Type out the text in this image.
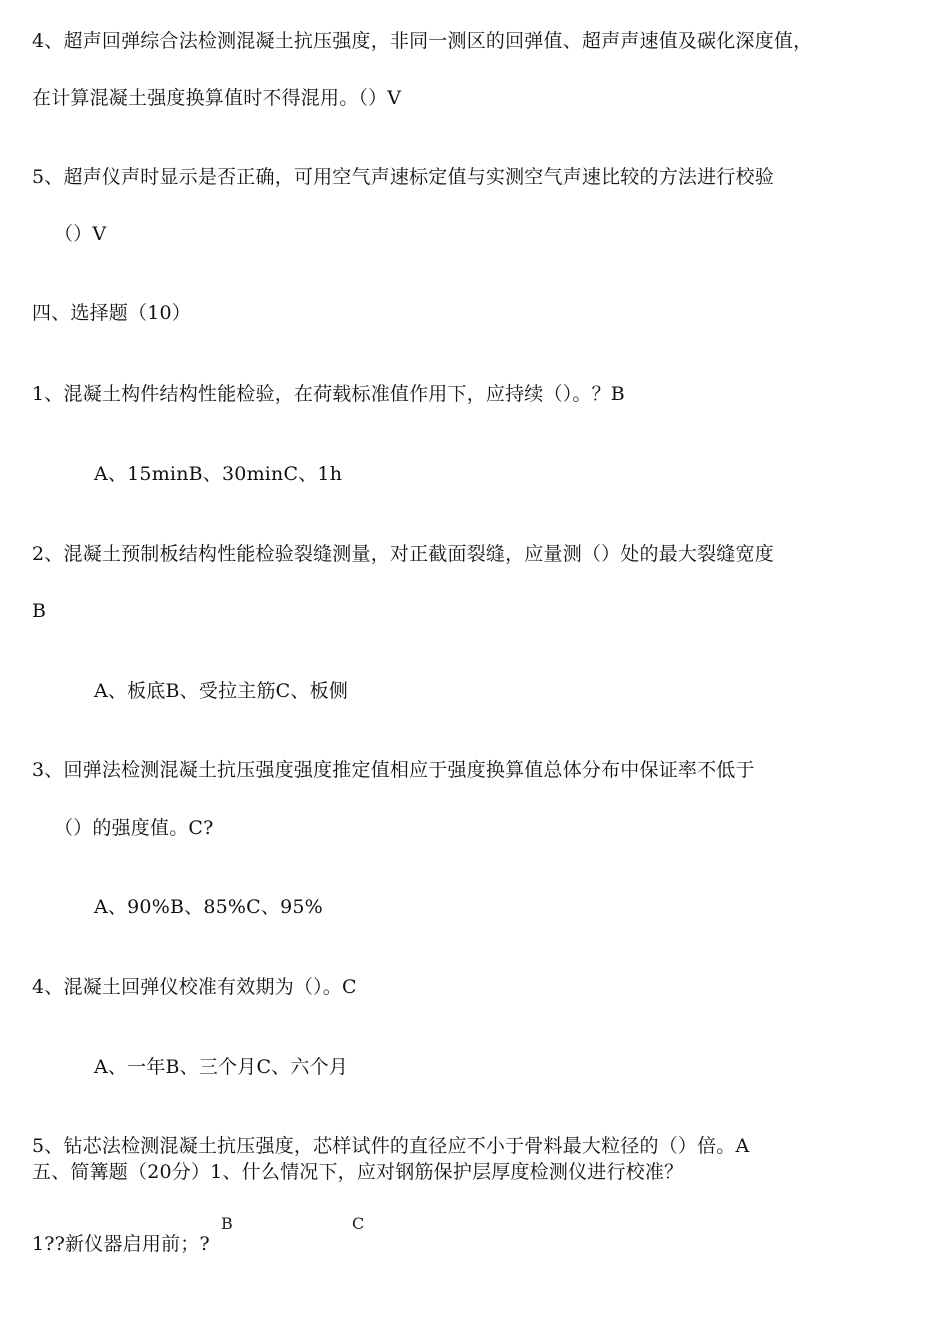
4、超声回弹综合法检测混凝土抗压强度，非同一测区的回弹值、超声声速值及碳化深度值，
在计算混凝土强度换算值时不得混用。（）V
5、超声仪声时显示是否正确，可用空气声速标定值与实测空气声速比较的方法进行校验
（）V
四、选择题（10）
1、混凝土构件结构性能检验，在荷载标准值作用下，应持续（）。？B
A、15minB、30minC、1h
2、混凝土预制板结构性能检验裂缝测量，对正截面裂缝，应量测（）处的最大裂缝宽度
B
A、板底B、受拉主筋C、板侧
3、回弹法检测混凝土抗压强度强度推定值相应于强度换算值总体分布中保证率不低于
（）的强度值。C?
A、90%B、85%C、95%
4、混凝土回弹仪校准有效期为（）。C
A、一年B、三个月C、六个月
5、钻芯法检测混凝土抗压强度，芯样试件的直径应不小于骨料最大粒径的（）倍。A
五、简篝题（20分）1、什么情况下，应对钢筋保护层厚度检测仪进行校准？
B	C
1??新仪器启用前；?
